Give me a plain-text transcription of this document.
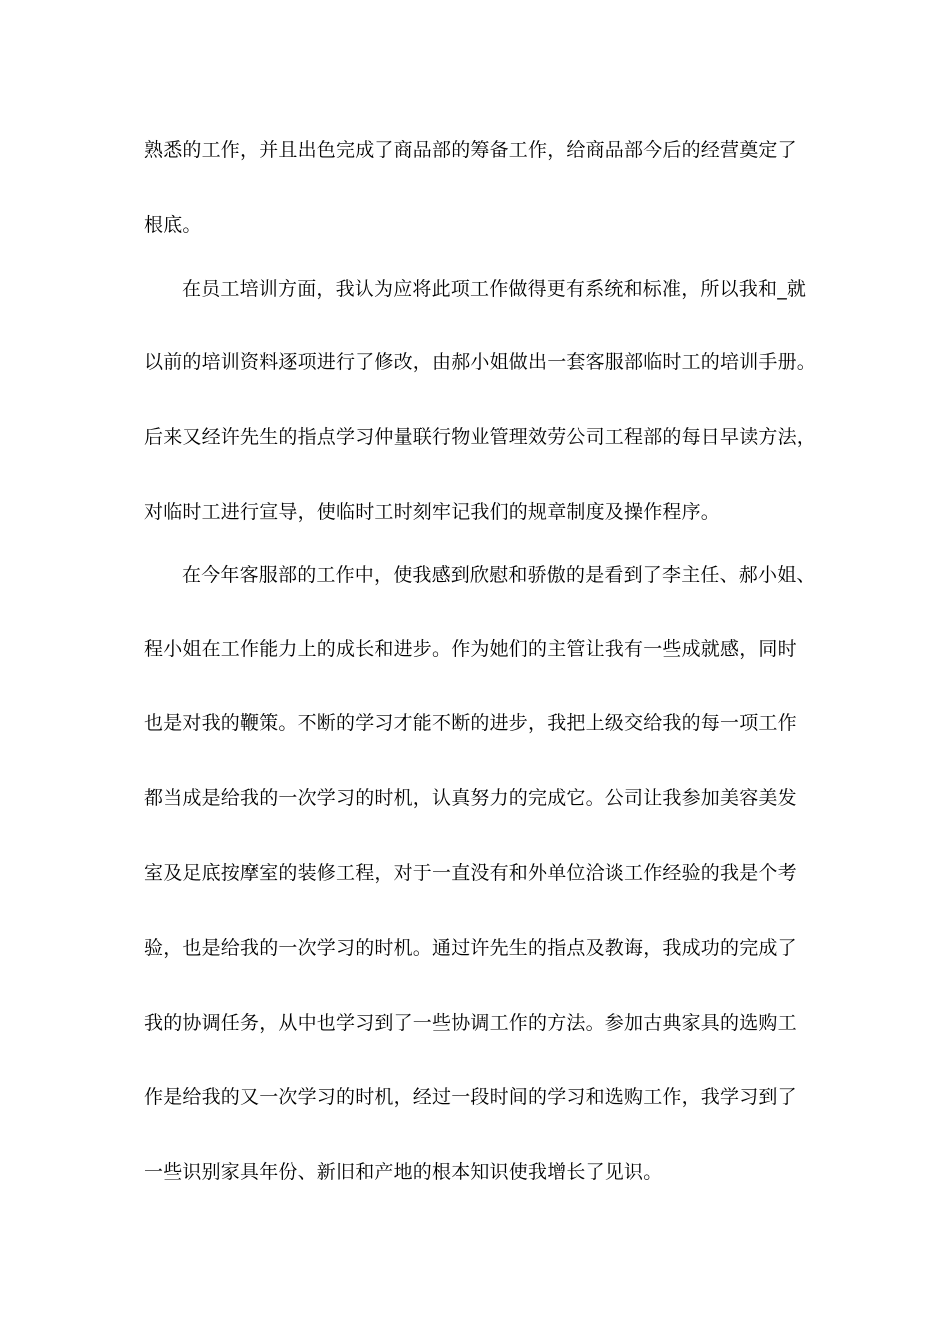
熟悉的工作，并且出色完成了商品部的筹备工作，给商品部今后的经营奠定了
根底。
在员工培训方面，我认为应将此项工作做得更有系统和标准，所以我和_就
以前的培训资料逐项进行了修改，由郝小姐做出一套客服部临时工的培训手册。
后来又经许先生的指点学习仲量联行物业管理效劳公司工程部的每日早读方法，
对临时工进行宣导，使临时工时刻牢记我们的规章制度及操作程序。
在今年客服部的工作中，使我感到欣慰和骄傲的是看到了李主任、郝小姐、
程小姐在工作能力上的成长和进步。作为她们的主管让我有一些成就感，同时
也是对我的鞭策。不断的学习才能不断的进步，我把上级交给我的每一项工作
都当成是给我的一次学习的时机，认真努力的完成它。公司让我参加美容美发
室及足底按摩室的装修工程，对于一直没有和外单位洽谈工作经验的我是个考
验，也是给我的一次学习的时机。通过许先生的指点及教诲，我成功的完成了
我的协调任务，从中也学习到了一些协调工作的方法。参加古典家具的选购工
作是给我的又一次学习的时机，经过一段时间的学习和选购工作，我学习到了
一些识别家具年份、新旧和产地的根本知识使我增长了见识。
